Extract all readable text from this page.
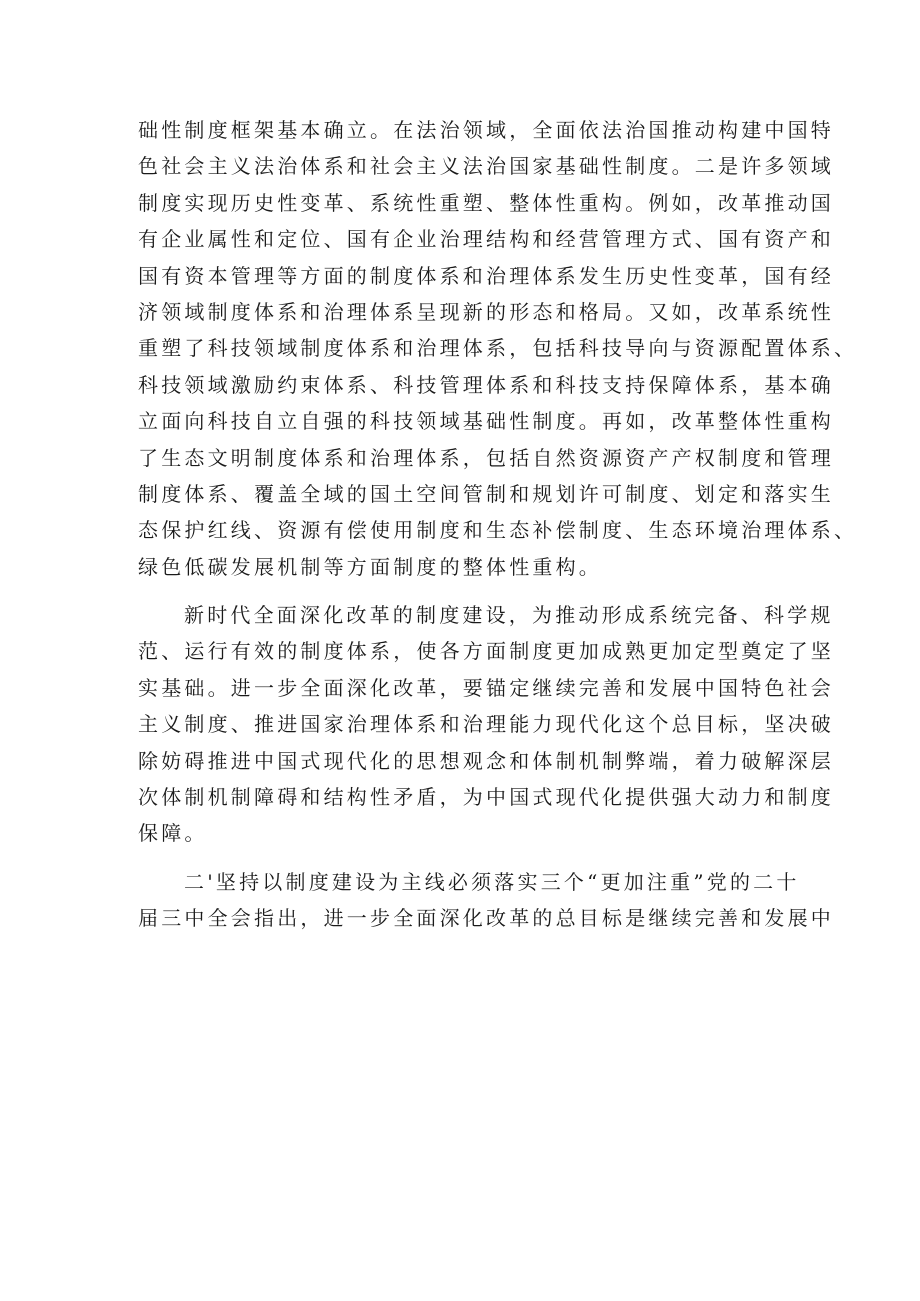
础性制度框架基本确立。在法治领域，全面依法治国推动构建中国特
色社会主义法治体系和社会主义法治国家基础性制度。二是许多领域
制度实现历史性变革、系统性重塑、整体性重构。例如，改革推动国
有企业属性和定位、国有企业治理结构和经营管理方式、国有资产和
国有资本管理等方面的制度体系和治理体系发生历史性变革，国有经
济领域制度体系和治理体系呈现新的形态和格局。又如，改革系统性
重塑了科技领域制度体系和治理体系，包括科技导向与资源配置体系、
科技领域激励约束体系、科技管理体系和科技支持保障体系，基本确
立面向科技自立自强的科技领域基础性制度。再如，改革整体性重构
了生态文明制度体系和治理体系，包括自然资源资产产权制度和管理
制度体系、覆盖全域的国土空间管制和规划许可制度、划定和落实生
态保护红线、资源有偿使用制度和生态补偿制度、生态环境治理体系、
绿色低碳发展机制等方面制度的整体性重构。
新时代全面深化改革的制度建设，为推动形成系统完备、科学规
范、运行有效的制度体系，使各方面制度更加成熟更加定型奠定了坚
实基础。进一步全面深化改革，要锚定继续完善和发展中国特色社会
主义制度、推进国家治理体系和治理能力现代化这个总目标，坚决破
除妨碍推进中国式现代化的思想观念和体制机制弊端，着力破解深层
次体制机制障碍和结构性矛盾，为中国式现代化提供强大动力和制度
保障。
二'坚持以制度建设为主线必须落实三个“更加注重”党的二十
届三中全会指出，进一步全面深化改革的总目标是继续完善和发展中
